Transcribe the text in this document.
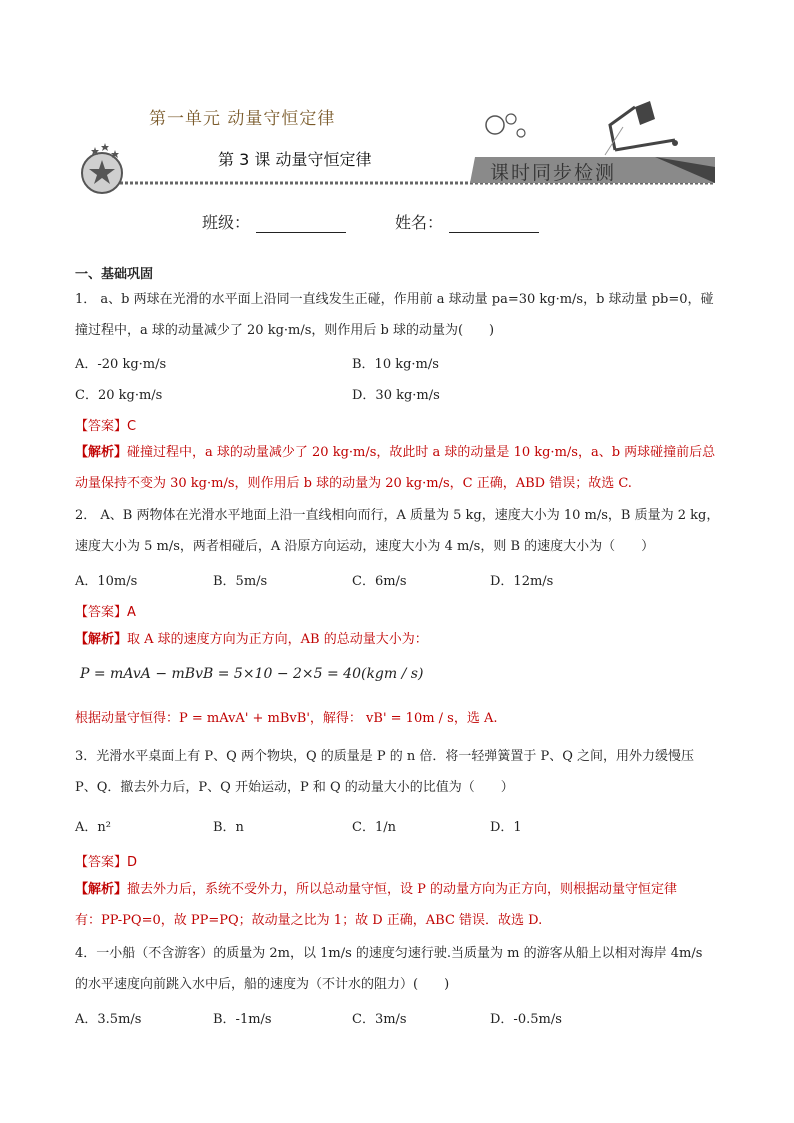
第一单元 动量守恒定律
第 3 课 动量守恒定律
课时同步检测
班级：	姓名：
一、基础巩固
1． a、b 两球在光滑的水平面上沿同一直线发生正碰，作用前 a 球动量 pa=30 kg·m/s，b 球动量 pb=0，碰
撞过程中，a 球的动量减少了 20 kg·m/s，则作用后 b 球的动量为(　　)
A．-20 kg·m/s	B．10 kg·m/s
C．20 kg·m/s	D．30 kg·m/s
【答案】C
【解析】碰撞过程中，a 球的动量减少了 20 kg·m/s，故此时 a 球的动量是 10 kg·m/s，a、b 两球碰撞前后总
动量保持不变为 30 kg·m/s，则作用后 b 球的动量为 20 kg·m/s，C 正确，ABD 错误；故选 C.
2． A、B 两物体在光滑水平地面上沿一直线相向而行，A 质量为 5 kg，速度大小为 10 m/s，B 质量为 2 kg，
速度大小为 5 m/s，两者相碰后，A 沿原方向运动，速度大小为 4 m/s，则 B 的速度大小为（　　）
A．10m/s	B．5m/s	C．6m/s	D．12m/s
【答案】A
【解析】取 A 球的速度方向为正方向，AB 的总动量大小为：
P = mAvA − mBvB = 5×10 − 2×5 = 40(kgm / s)
根据动量守恒得：P = mAvA' + mBvB'，解得： vB' = 10m / s，选 A.
3．光滑水平桌面上有 P、Q 两个物块，Q 的质量是 P 的 n 倍．将一轻弹簧置于 P、Q 之间，用外力缓慢压
P、Q．撤去外力后，P、Q 开始运动，P 和 Q 的动量大小的比值为（　　）
A．n²	B．n	C．1/n	D．1
【答案】D
【解析】撤去外力后，系统不受外力，所以总动量守恒，设 P 的动量方向为正方向，则根据动量守恒定律
有：PP-PQ=0，故 PP=PQ；故动量之比为 1；故 D 正确，ABC 错误．故选 D.
4．一小船（不含游客）的质量为 2m，以 1m/s 的速度匀速行驶.当质量为 m 的游客从船上以相对海岸 4m/s
的水平速度向前跳入水中后，船的速度为（不计水的阻力）(　　)
A．3.5m/s	B．-1m/s	C．3m/s	D．-0.5m/s
